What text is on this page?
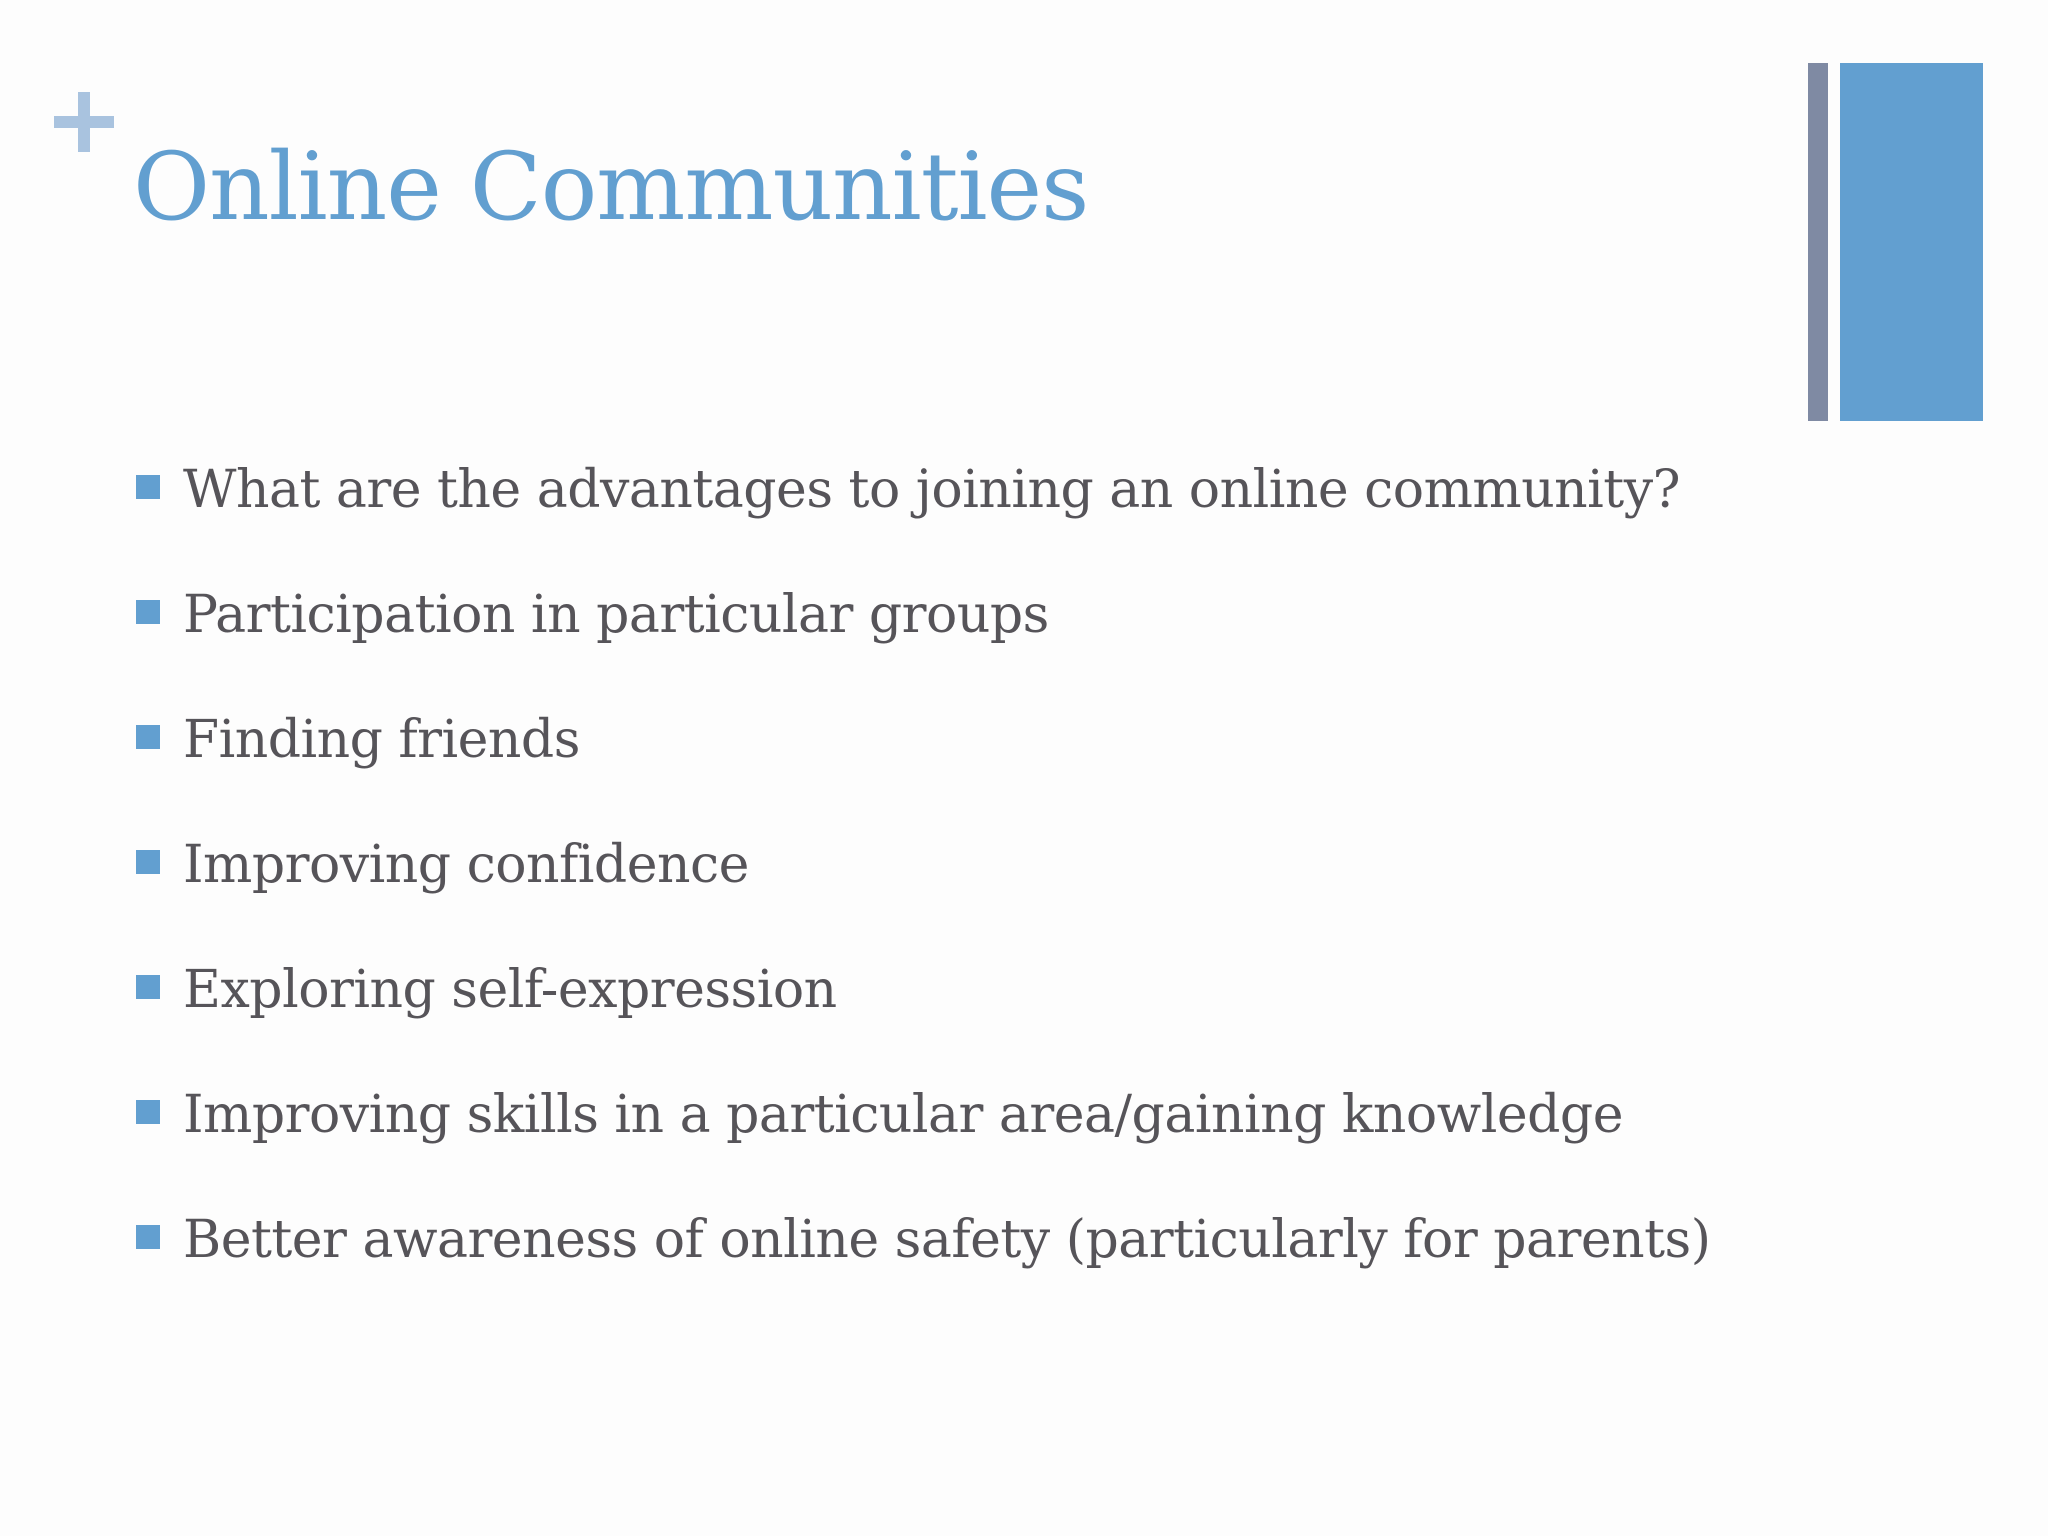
Online Communities
What are the advantages to joining an online community?
Participation in particular groups
Finding friends
Improving confidence
Exploring self-expression
Improving skills in a particular area/gaining knowledge
Better awareness of online safety (particularly for parents)
